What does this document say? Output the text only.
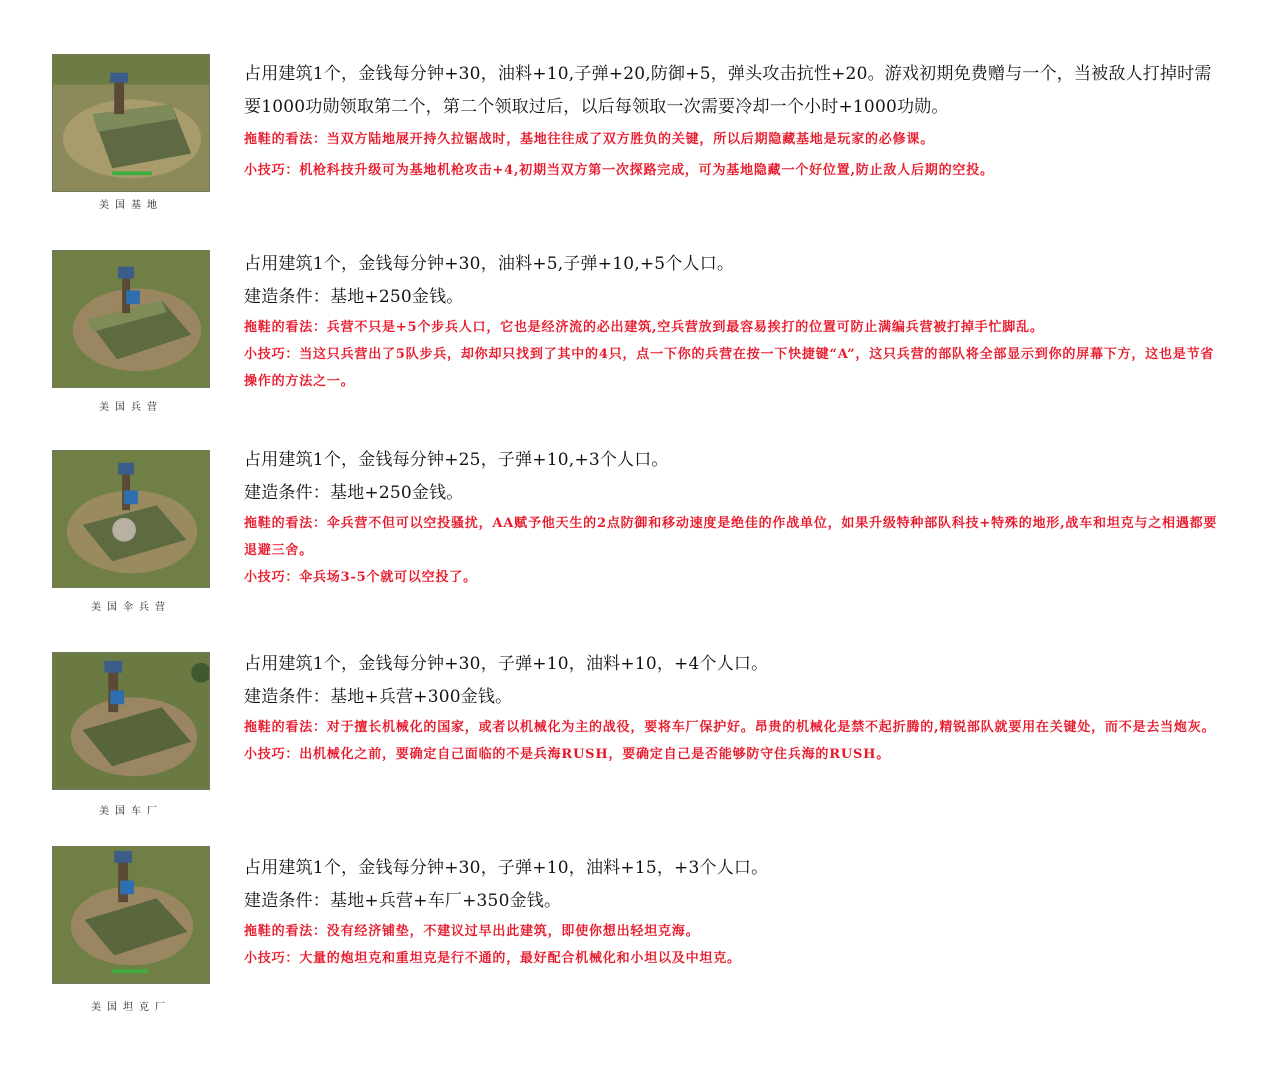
美国基地

占用建筑1个，金钱每分钟+30，油料+10,子弹+20,防御+5，弹头攻击抗性+20。游戏初期免费赠与一个，当被敌人打掉时需要1000功勋领取第二个，第二个领取过后，以后每领取一次需要冷却一个小时+1000功勋。

拖鞋的看法：当双方陆地展开持久拉锯战时，基地往往成了双方胜负的关键，所以后期隐藏基地是玩家的必修课。

小技巧：机枪科技升级可为基地机枪攻击+4,初期当双方第一次探路完成，可为基地隐藏一个好位置,防止敌人后期的空投。

美国兵营

占用建筑1个，金钱每分钟+30，油料+5,子弹+10,+5个人口。

建造条件：基地+250金钱。

拖鞋的看法：兵营不只是+5个步兵人口，它也是经济流的必出建筑,空兵营放到最容易挨打的位置可防止满编兵营被打掉手忙脚乱。

小技巧：当这只兵营出了5队步兵，却你却只找到了其中的4只，点一下你的兵营在按一下快捷键“A”，这只兵营的部队将全部显示到你的屏幕下方，这也是节省操作的方法之一。

美国伞兵营

占用建筑1个，金钱每分钟+25，子弹+10,+3个人口。

建造条件：基地+250金钱。

拖鞋的看法：伞兵营不但可以空投骚扰，AA赋予他天生的2点防御和移动速度是绝佳的作战单位，如果升级特种部队科技+特殊的地形,战车和坦克与之相遇都要退避三舍。

小技巧：伞兵场3-5个就可以空投了。

美国车厂

占用建筑1个，金钱每分钟+30，子弹+10，油料+10，+4个人口。

建造条件：基地+兵营+300金钱。

拖鞋的看法：对于擅长机械化的国家，或者以机械化为主的战役，要将车厂保护好。昂贵的机械化是禁不起折腾的,精锐部队就要用在关键处，而不是去当炮灰。

小技巧：出机械化之前，要确定自己面临的不是兵海RUSH，要确定自己是否能够防守住兵海的RUSH。

美国坦克厂

占用建筑1个，金钱每分钟+30，子弹+10，油料+15，+3个人口。

建造条件：基地+兵营+车厂+350金钱。

拖鞋的看法：没有经济铺垫，不建议过早出此建筑，即使你想出轻坦克海。

小技巧：大量的炮坦克和重坦克是行不通的，最好配合机械化和小坦以及中坦克。
